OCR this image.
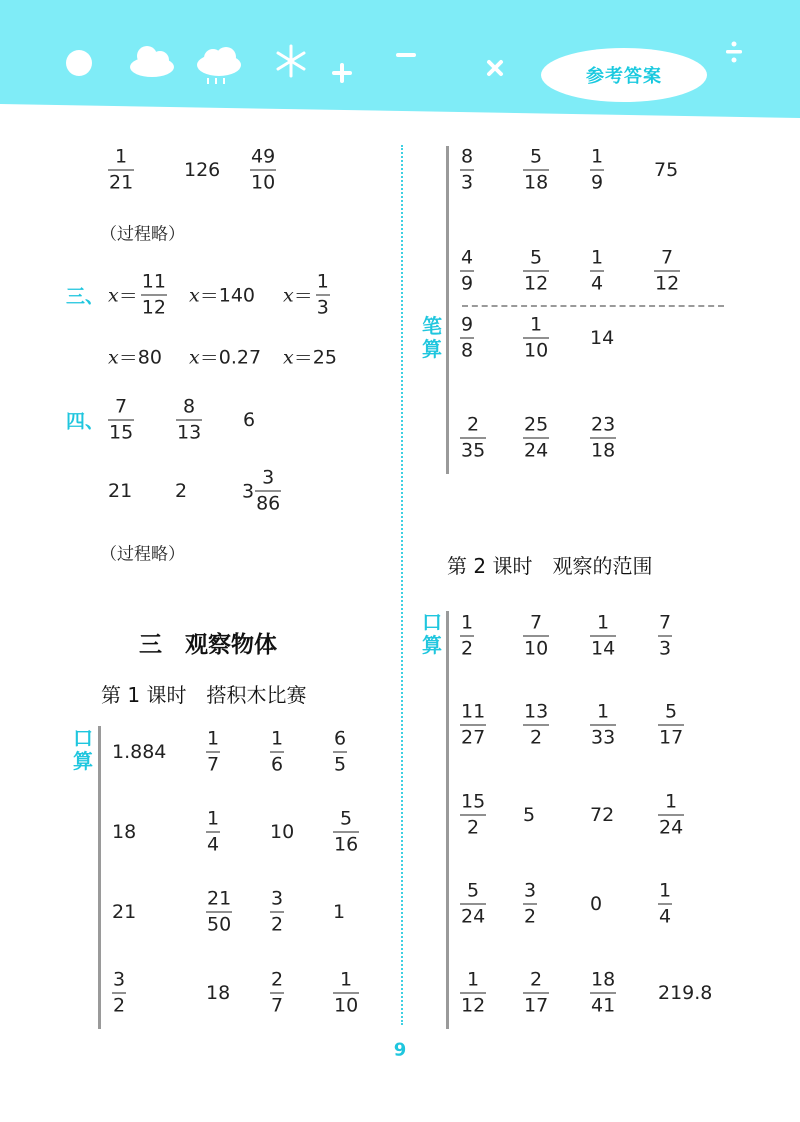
参考答案
1
21
126
49
10
（过程略）
三、 $x = \frac{11}{12}$ x ＝ 140 $x = \frac{1}{3}$
x ＝ 80 x ＝ 0.27 x ＝ 25
四、
7
15
8
13
6
21 2	$3 \frac{3}{86}$
（过程略）
三　观察物体
第 1 课时　搭积木比赛
口算 1.884
1
7
1
6
6
5
18
1
4
10
5
16
21
21
50
3
2
1
3
2
18
2
7
1
10
笔算
8
3
5
18
1
9
75
4
9
5
12
1
4
7
12
9
8
1
10
14
2
35
25
24
23
18
第 2 课时　观察的范围
口算
1
2
7
10
1
14
7
3
11
27
13
2
1
33
5
17
15
2
5	72
1
24
5
24
3
2
0
1
4
1
12
2
17
18
41
219.8
9
